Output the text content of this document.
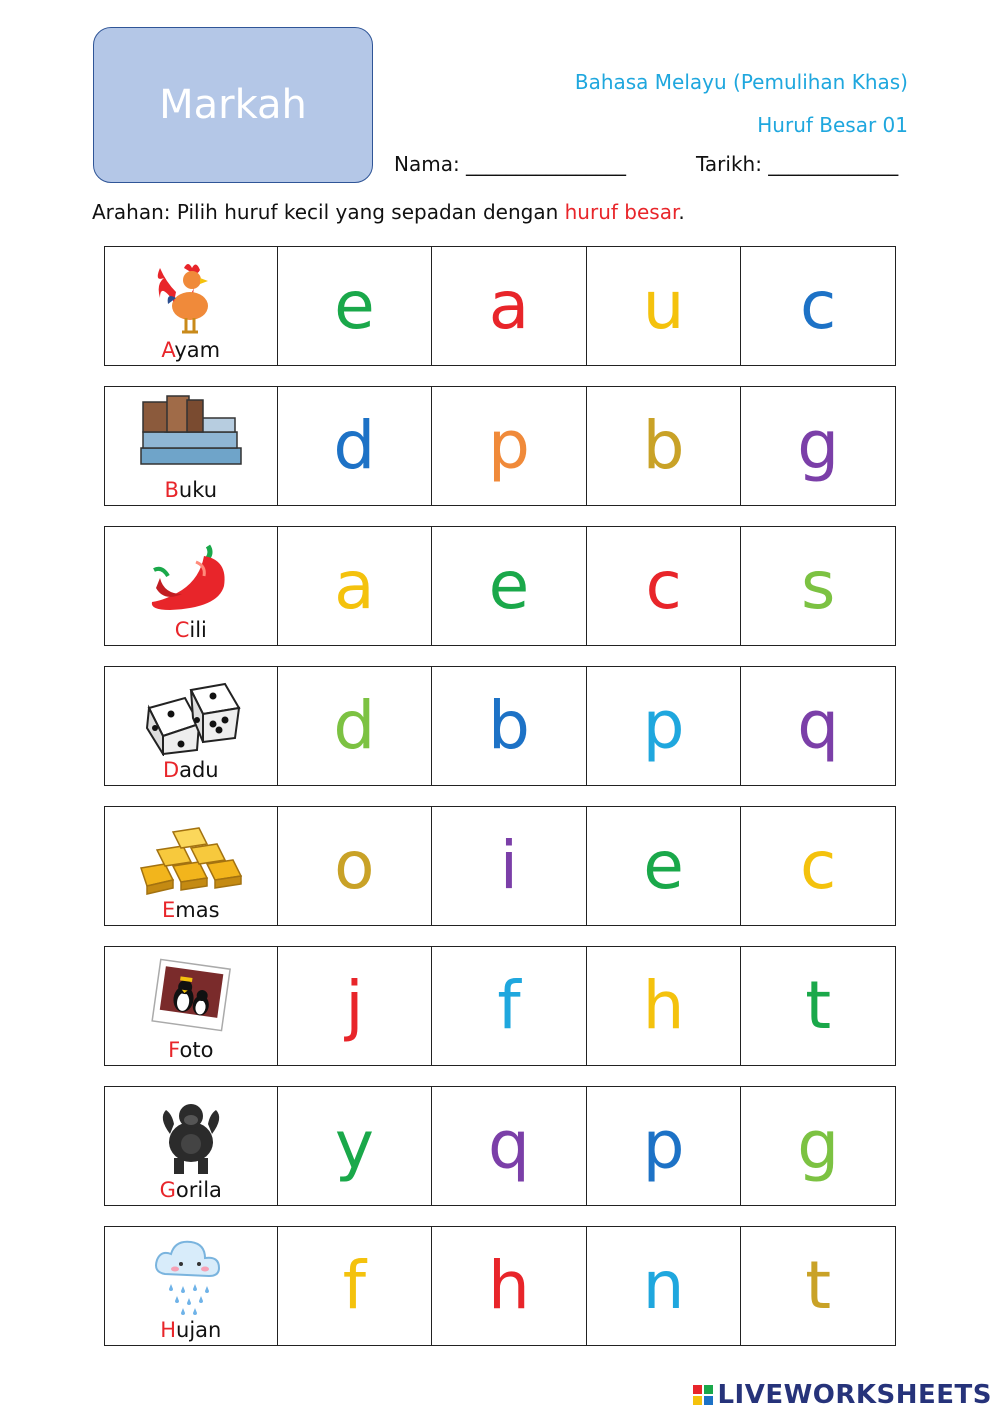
Markah	Bahasa Melayu (Pemulihan Khas)
Huruf Besar 01
Nama: ________________	Tarikh: _____________
Arahan: Pilih huruf kecil yang sepadan dengan huruf besar.
Ayam
e a u c
Buku
d p b g
Cili
a e c s
Dadu
d b p q
Emas
o i e c
Foto
j f h t
Gorila
y q p g
Hujan
f h n t
LIVEWORKSHEETS
